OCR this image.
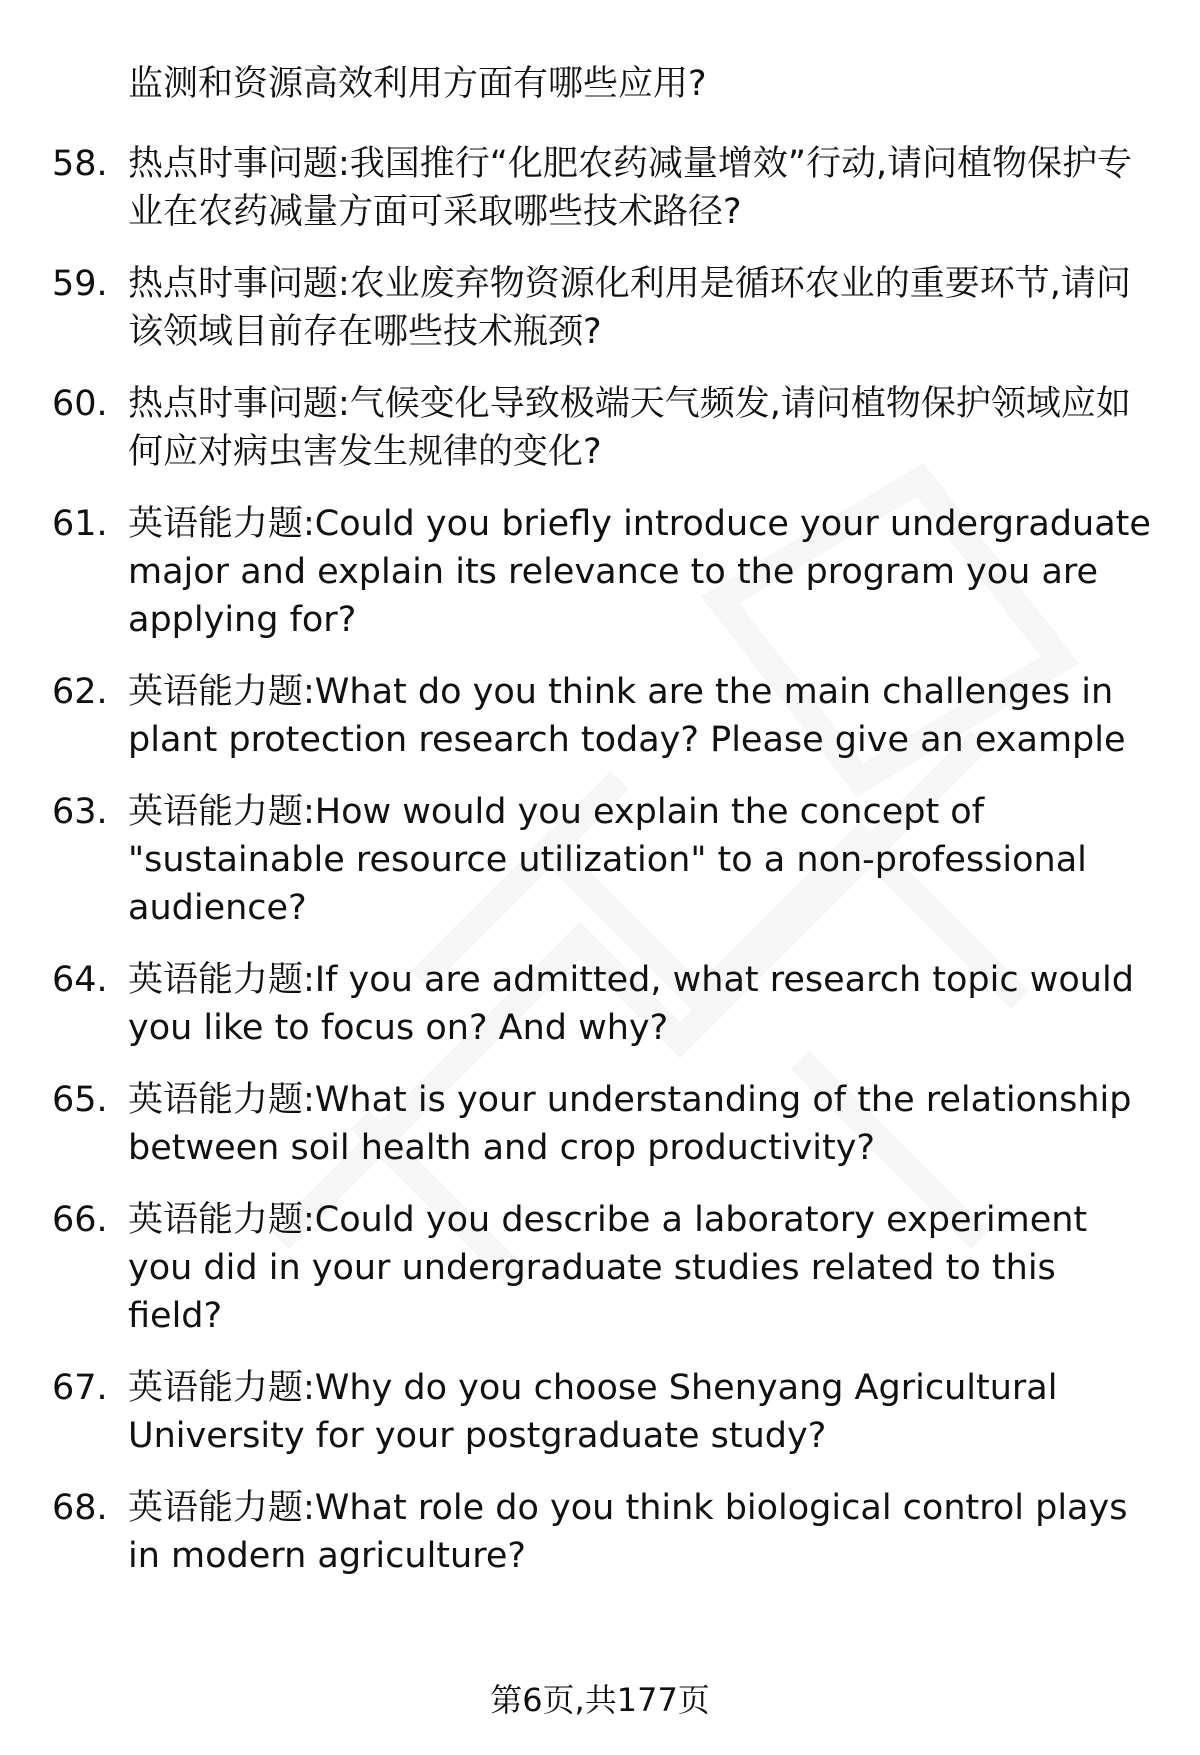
监测和资源高效利用方面有哪些应用?

58. 热点时事问题:我国推行“化肥农药减量增效”行动,请问植物保护专业在农药减量方面可采取哪些技术路径?
59. 热点时事问题:农业废弃物资源化利用是循环农业的重要环节,请问该领域目前存在哪些技术瓶颈?
60. 热点时事问题:气候变化导致极端天气频发,请问植物保护领域应如何应对病虫害发生规律的变化?
61. 英语能力题:Could you briefly introduce your undergraduate major and explain its relevance to the program you are applying for?
62. 英语能力题:What do you think are the main challenges in plant protection research today? Please give an example
63. 英语能力题:How would you explain the concept of "sustainable resource utilization" to a non-professional audience?
64. 英语能力题:If you are admitted, what research topic would you like to focus on? And why?
65. 英语能力题:What is your understanding of the relationship between soil health and crop productivity?
66. 英语能力题:Could you describe a laboratory experiment you did in your undergraduate studies related to this field?
67. 英语能力题:Why do you choose Shenyang Agricultural University for your postgraduate study?
68. 英语能力题:What role do you think biological control plays in modern agriculture?

第6页,共177页
